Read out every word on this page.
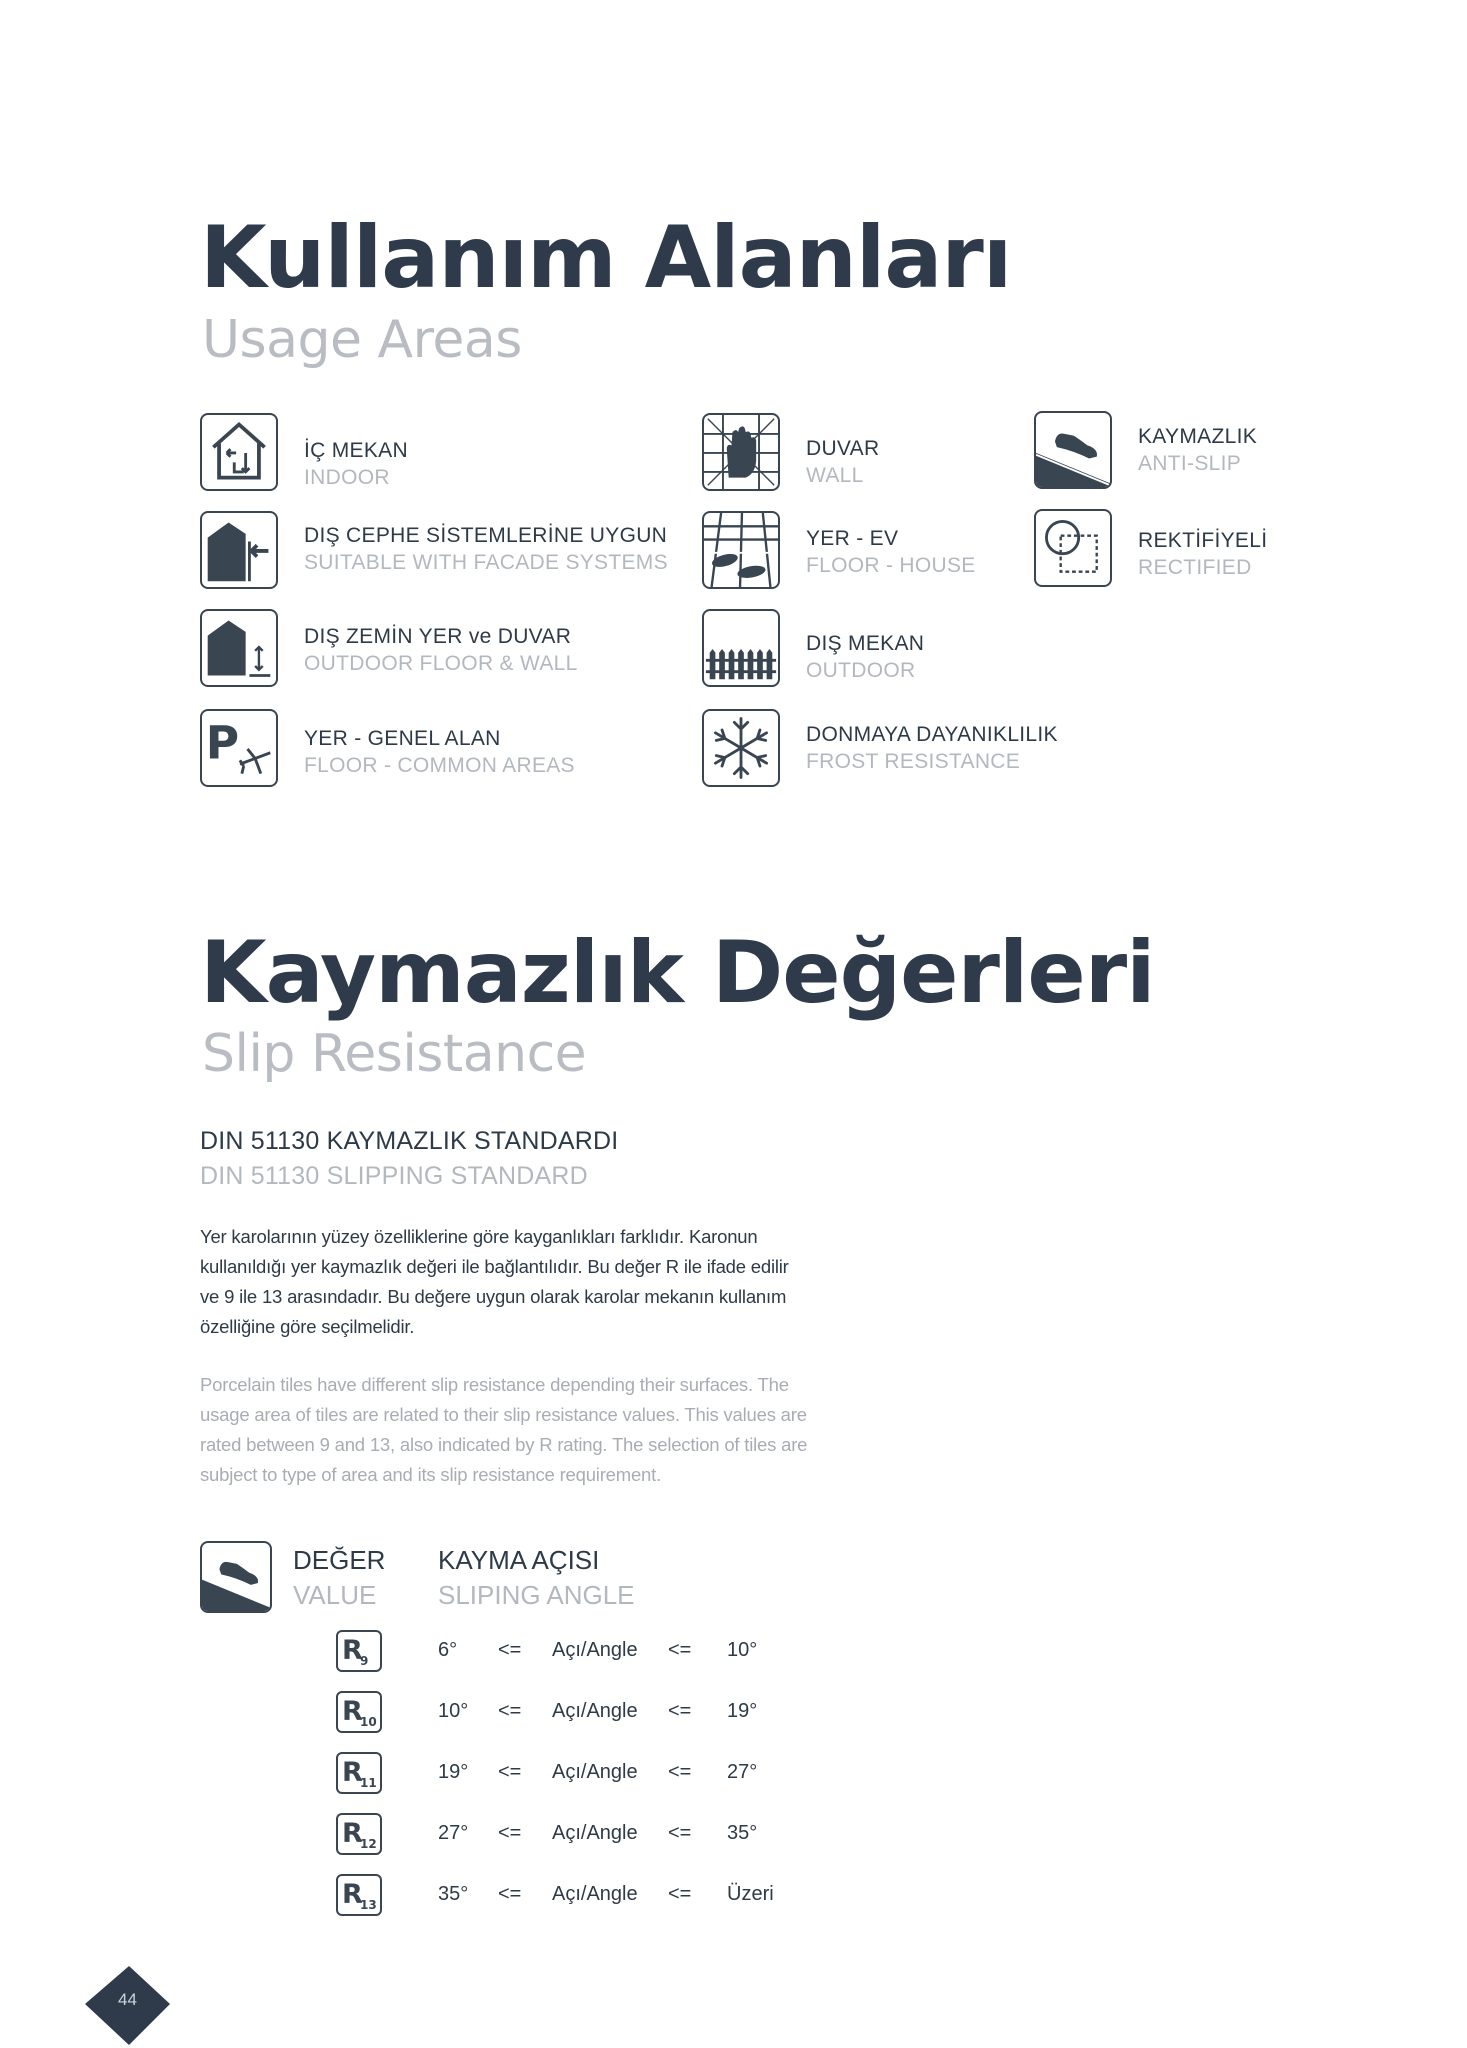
Kullanım Alanları
Usage Areas
P
İÇ MEKAN
INDOOR
DIŞ CEPHE SİSTEMLERİNE UYGUN
SUITABLE WITH FACADE SYSTEMS
DIŞ ZEMİN YER ve DUVAR
OUTDOOR FLOOR & WALL
YER - GENEL ALAN
FLOOR - COMMON AREAS
DUVAR
WALL
YER - EV
FLOOR - HOUSE
DIŞ MEKAN
OUTDOOR
DONMAYA DAYANIKLILIK
FROST RESISTANCE
KAYMAZLIK
ANTI-SLIP
REKTİFİYELİ
RECTIFIED
Kaymazlık Değerleri
Slip Resistance
DIN 51130 KAYMAZLIK STANDARDI
DIN 51130 SLIPPING STANDARD
Yer karolarının yüzey özelliklerine göre kayganlıkları farklıdır. Karonun kullanıldığı yer kaymazlık değeri ile bağlantılıdır. Bu değer R ile ifade edilir ve 9 ile 13 arasındadır. Bu değere uygun olarak karolar mekanın kullanım özelliğine göre seçilmelidir.
Porcelain tiles have different slip resistance depending their surfaces. The usage area of tiles are related to their slip resistance values. This values are rated between 9 and 13, also indicated by R rating. The selection of tiles are subject to type of area and its slip resistance requirement.
DEĞER
VALUE
KAYMA AÇISI
SLIPING ANGLE
R
9	6° <= Açı/Angle <= 10°
R
10	10° <= Açı/Angle <= 19°
R
11	19° <= Açı/Angle <= 27°
R
12	27° <= Açı/Angle <= 35°
R
13	35° <= Açı/Angle <= Üzeri
44
